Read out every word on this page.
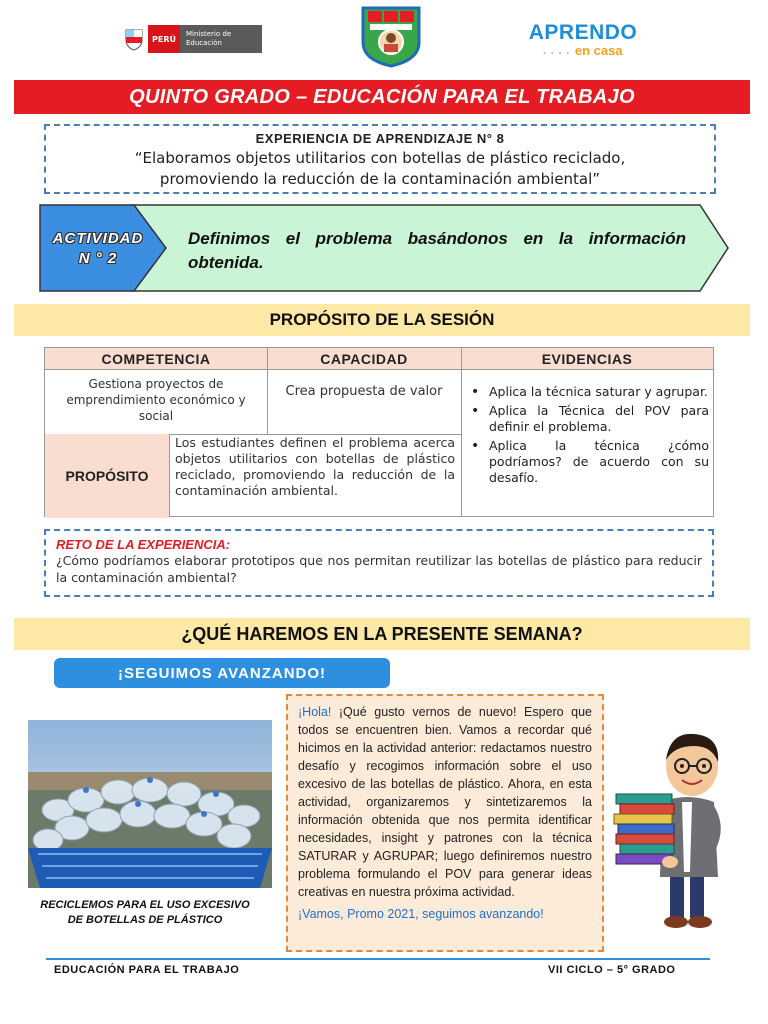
PERÚ
Ministerio de Educación	APRENDO
• • • • en casa
QUINTO GRADO – EDUCACIÓN PARA EL TRABAJO
EXPERIENCIA DE APRENDIZAJE N° 8
“Elaboramos objetos utilitarios con botellas de plástico reciclado,
promoviendo la reducción de la contaminación ambiental”
ACTIVIDAD
N ° 2
Definimos el problema basándonos en la información obtenida.
PROPÓSITO DE LA SESIÓN
COMPETENCIA	CAPACIDAD	EVIDENCIAS
Gestiona proyectos de emprendimiento económico y social
Crea propuesta de valor
•	Aplica la técnica saturar y agrupar.
• Aplica la Técnica del POV para definir el problema.
• Aplica la técnica ¿cómo podríamos? de acuerdo con su desafío.
PROPÓSITO
Los estudiantes definen el problema acerca objetos utilitarios con botellas de plástico reciclado, promoviendo la reducción de la contaminación ambiental.
RETO DE LA EXPERIENCIA:
¿Cómo podríamos elaborar prototipos que nos permitan reutilizar las botellas de plástico para reducir la contaminación ambiental?
¿QUÉ HAREMOS EN LA PRESENTE SEMANA?
¡SEGUIMOS AVANZANDO!
RECICLEMOS PARA EL USO EXCESIVO DE BOTELLAS DE PLÁSTICO
¡Hola! ¡Qué gusto vernos de nuevo! Espero que todos se encuentren bien. Vamos a recordar qué hicimos en la actividad anterior: redactamos nuestro desafío y recogimos información sobre el uso excesivo de las botellas de plástico. Ahora, en esta actividad, organizaremos y sintetizaremos la información obtenida que nos permita identificar necesidades, insight y patrones con la técnica SATURAR y AGRUPAR; luego definiremos nuestro problema formulando el POV para generar ideas creativas en nuestra próxima actividad.
¡Vamos, Promo 2021, seguimos avanzando!
EDUCACIÓN PARA EL TRABAJO	VII CICLO – 5° GRADO
